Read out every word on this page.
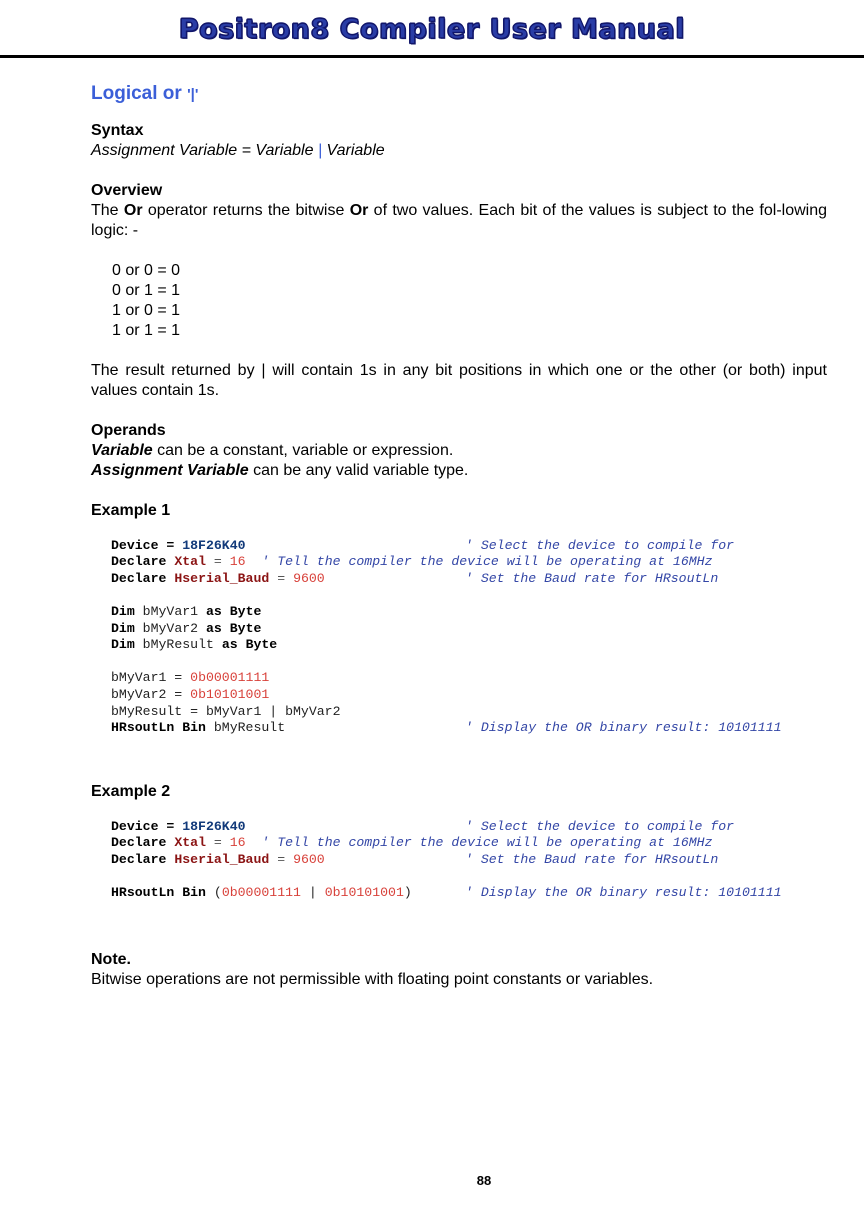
Positron8 Compiler User Manual
Logical or '|'
Syntax
Assignment Variable = Variable | Variable
Overview
The Or operator returns the bitwise Or of two values. Each bit of the values is subject to the fol-lowing logic: -
0 or 0 = 0
0 or 1 = 1
1 or 0 = 1
1 or 1 = 1
The result returned by | will contain 1s in any bit positions in which one or the other (or both) input values contain 1s.
Operands
Variable can be a constant, variable or expression.
Assignment Variable can be any valid variable type.
Example 1

Device = 18F26K40	' Select the device to compile for
Declare Xtal = 16 ' Tell the compiler the device will be operating at 16MHz
Declare Hserial_Baud = 9600	' Set the Baud rate for HRsoutLn
Dim bMyVar1 as Byte
Dim bMyVar2 as Byte
Dim bMyResult as Byte
bMyVar1 = 0b00001111
bMyVar2 = 0b10101001
bMyResult = bMyVar1 | bMyVar2
HRsoutLn Bin bMyResult	' Display the OR binary result: 10101111

Example 2

Device = 18F26K40	' Select the device to compile for
Declare Xtal = 16 ' Tell the compiler the device will be operating at 16MHz
Declare Hserial_Baud = 9600	' Set the Baud rate for HRsoutLn
HRsoutLn Bin (0b00001111 | 0b10101001)	' Display the OR binary result: 10101111

Note.
Bitwise operations are not permissible with floating point constants or variables.
88
